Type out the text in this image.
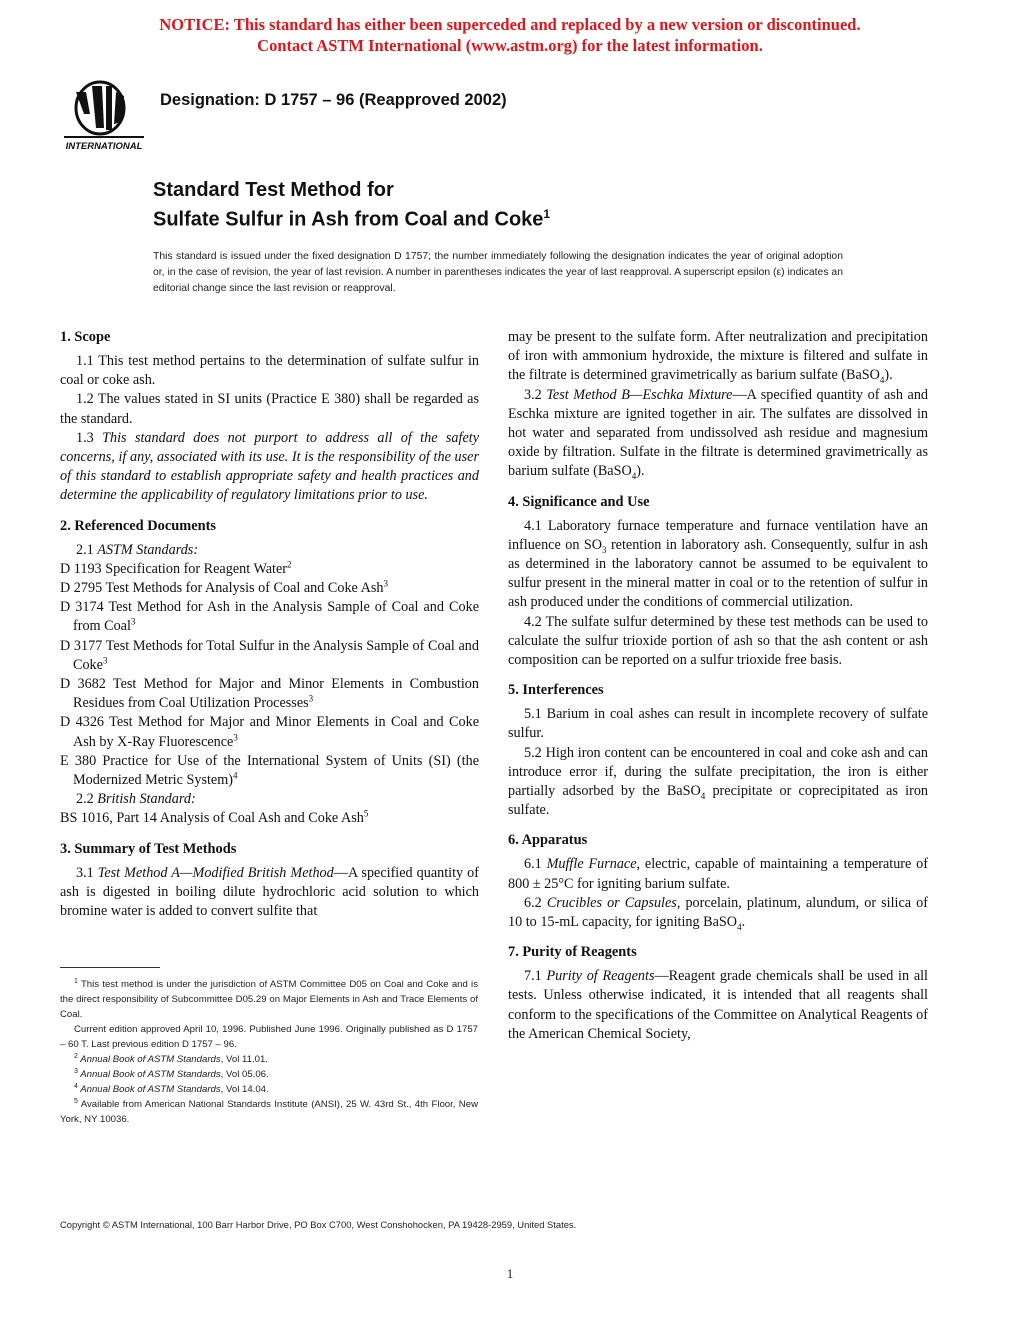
NOTICE: This standard has either been superceded and replaced by a new version or discontinued.
Contact ASTM International (www.astm.org) for the latest information.
INTERNATIONAL
Designation: D 1757 – 96 (Reapproved 2002)
Standard Test Method for
Sulfate Sulfur in Ash from Coal and Coke$^1$
This standard is issued under the fixed designation D 1757; the number immediately following the designation indicates the year of original adoption or, in the case of revision, the year of last revision. A number in parentheses indicates the year of last reapproval. A superscript epsilon (ε) indicates an editorial change since the last revision or reapproval.
1. Scope

1.1 This test method pertains to the determination of sulfate sulfur in coal or coke ash.

1.2 The values stated in SI units (Practice E 380) shall be regarded as the standard.

1.3 This standard does not purport to address all of the safety concerns, if any, associated with its use. It is the responsibility of the user of this standard to establish appropriate safety and health practices and determine the applicability of regulatory limitations prior to use.

2. Referenced Documents

2.1 ASTM Standards:

D 1193 Specification for Reagent Water$^2$

D 2795 Test Methods for Analysis of Coal and Coke Ash$^3$

D 3174 Test Method for Ash in the Analysis Sample of Coal and Coke from Coal$^3$

D 3177 Test Methods for Total Sulfur in the Analysis Sample of Coal and Coke$^3$

D 3682 Test Method for Major and Minor Elements in Combustion Residues from Coal Utilization Processes$^3$

D 4326 Test Method for Major and Minor Elements in Coal and Coke Ash by X-Ray Fluorescence$^3$

E 380 Practice for Use of the International System of Units (SI) (the Modernized Metric System)$^4$

2.2 British Standard:

BS 1016, Part 14 Analysis of Coal Ash and Coke Ash$^5$

3. Summary of Test Methods

3.1 Test Method A—Modified British Method—A specified quantity of ash is digested in boiling dilute hydrochloric acid solution to which bromine water is added to convert sulfite that

$^1$ This test method is under the jurisdiction of ASTM Committee D05 on Coal and Coke and is the direct responsibility of Subcommittee D05.29 on Major Elements in Ash and Trace Elements of Coal.

Current edition approved April 10, 1996. Published June 1996. Originally published as D 1757 – 60 T. Last previous edition D 1757 – 96.

$^2$ Annual Book of ASTM Standards, Vol 11.01.

$^3$ Annual Book of ASTM Standards, Vol 05.06.

$^4$ Annual Book of ASTM Standards, Vol 14.04.

$^5$ Available from American National Standards Institute (ANSI), 25 W. 43rd St., 4th Floor, New York, NY 10036.

may be present to the sulfate form. After neutralization and precipitation of iron with ammonium hydroxide, the mixture is filtered and sulfate in the filtrate is determined gravimetrically as barium sulfate (BaSO$_4$).

3.2 Test Method B—Eschka Mixture—A specified quantity of ash and Eschka mixture are ignited together in air. The sulfates are dissolved in hot water and separated from undissolved ash residue and magnesium oxide by filtration. Sulfate in the filtrate is determined gravimetrically as barium sulfate (BaSO$_4$).

4. Significance and Use

4.1 Laboratory furnace temperature and furnace ventilation have an influence on $SO_3$ retention in laboratory ash. Consequently, sulfur in ash as determined in the laboratory cannot be assumed to be equivalent to sulfur present in the mineral matter in coal or to the retention of sulfur in ash produced under the conditions of commercial utilization.

4.2 The sulfate sulfur determined by these test methods can be used to calculate the sulfur trioxide portion of ash so that the ash content or ash composition can be reported on a sulfur trioxide free basis.

5. Interferences

5.1 Barium in coal ashes can result in incomplete recovery of sulfate sulfur.

5.2 High iron content can be encountered in coal and coke ash and can introduce error if, during the sulfate precipitation, the iron is either partially adsorbed by the BaSO$_4$ precipitate or coprecipitated as iron sulfate.

6. Apparatus

6.1 Muffle Furnace, electric, capable of maintaining a temperature of 800 ± 25°C for igniting barium sulfate.

6.2 Crucibles or Capsules, porcelain, platinum, alundum, or silica of 10 to 15-mL capacity, for igniting BaSO$_4$.

7. Purity of Reagents

7.1 Purity of Reagents—Reagent grade chemicals shall be used in all tests. Unless otherwise indicated, it is intended that all reagents shall conform to the specifications of the Committee on Analytical Reagents of the American Chemical Society,

Copyright © ASTM International, 100 Barr Harbor Drive, PO Box C700, West Conshohocken, PA 19428-2959, United States.
1
